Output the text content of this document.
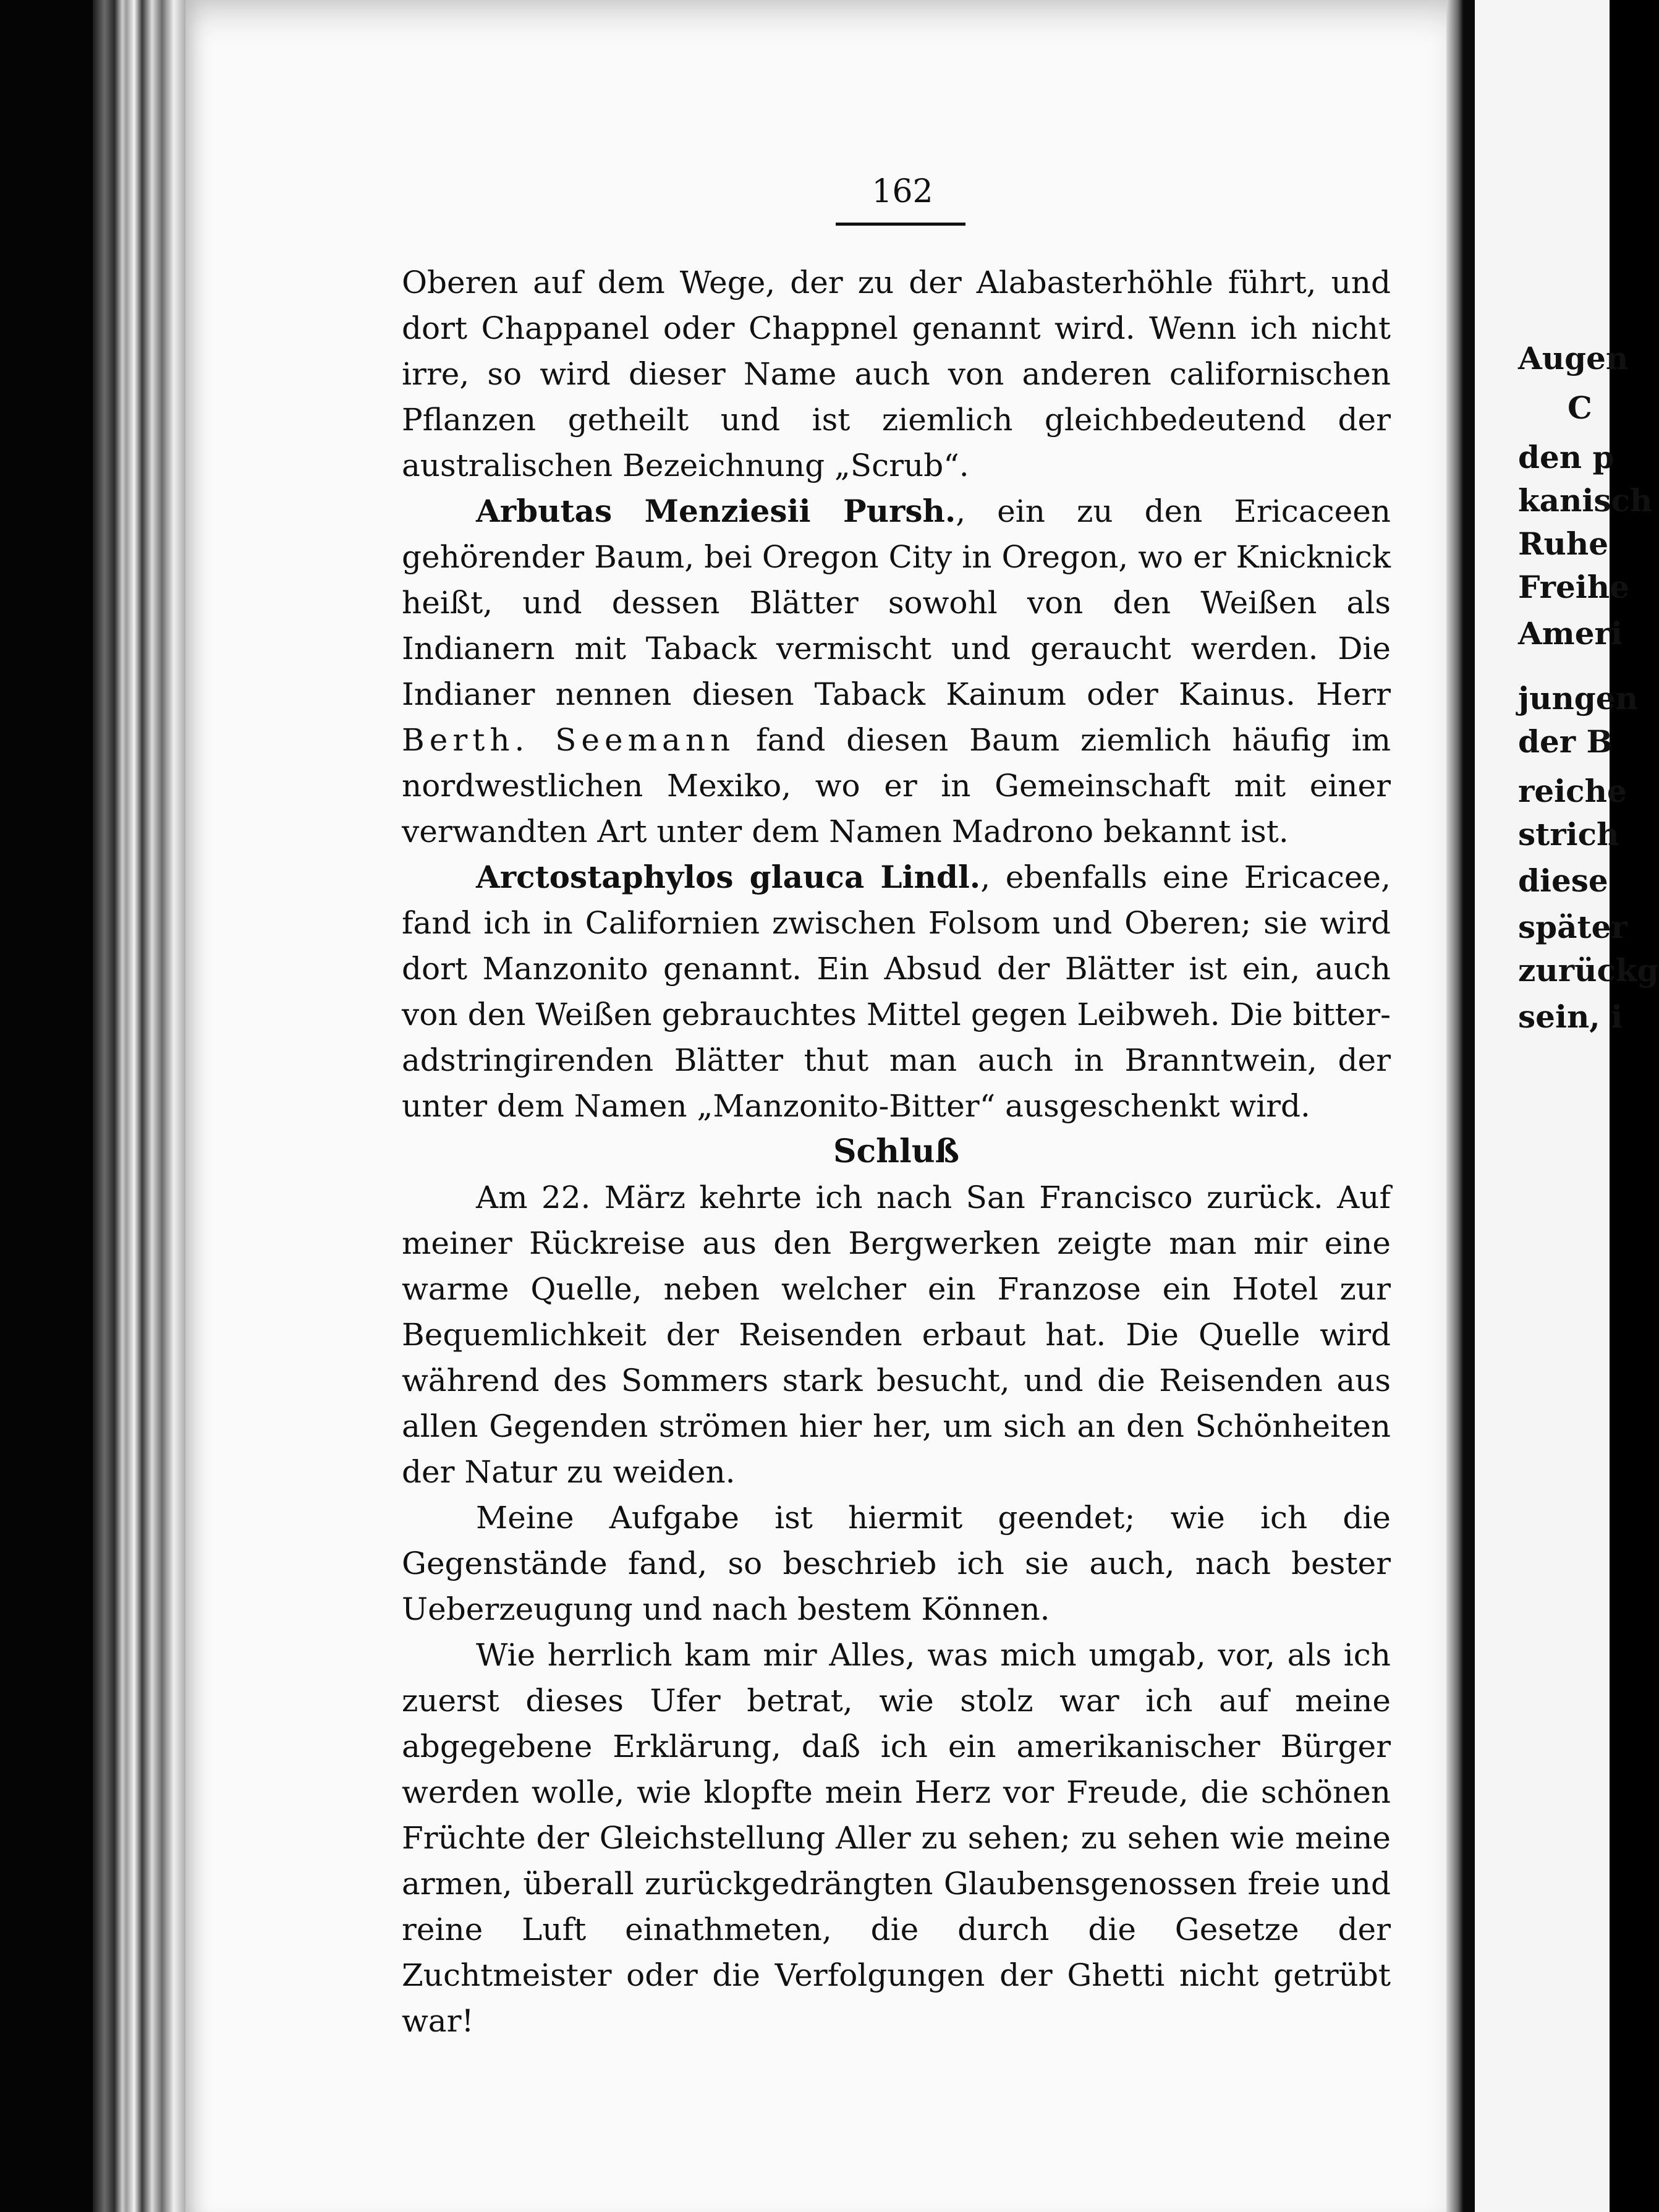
162

Oberen auf dem Wege, der zu der Alabasterhöhle führt, und dort Chappanel oder Chappnel genannt wird. Wenn ich nicht irre, so wird dieser Name auch von anderen californischen Pflanzen getheilt und ist ziemlich gleichbedeutend der australischen Bezeichnung „Scrub“.

Arbutas Menziesii Pursh., ein zu den Ericaceen gehörender Baum, bei Oregon City in Oregon, wo er Knicknick heißt, und dessen Blätter sowohl von den Weißen als Indianern mit Taback vermischt und geraucht werden. Die Indianer nennen diesen Taback Kainum oder Kainus. Herr Berth. Seemann fand diesen Baum ziemlich häufig im nordwestlichen Mexiko, wo er in Gemeinschaft mit einer verwandten Art unter dem Namen Madrono bekannt ist.

Arctostaphylos glauca Lindl., ebenfalls eine Ericacee, fand ich in Californien zwischen Folsom und Oberen; sie wird dort Manzonito genannt. Ein Absud der Blätter ist ein, auch von den Weißen gebrauchtes Mittel gegen Leibweh. Die bitter-adstringirenden Blätter thut man auch in Branntwein, der unter dem Namen „Manzonito-Bitter“ ausgeschenkt wird.

Schluß

Am 22. März kehrte ich nach San Francisco zurück. Auf meiner Rückreise aus den Bergwerken zeigte man mir eine warme Quelle, neben welcher ein Franzose ein Hotel zur Bequemlichkeit der Reisenden erbaut hat. Die Quelle wird während des Sommers stark besucht, und die Reisenden aus allen Gegenden strömen hier her, um sich an den Schönheiten der Natur zu weiden.

Meine Aufgabe ist hiermit geendet; wie ich die Gegenstände fand, so beschrieb ich sie auch, nach bester Ueberzeugung und nach bestem Können.

Wie herrlich kam mir Alles, was mich umgab, vor, als ich zuerst dieses Ufer betrat, wie stolz war ich auf meine abgegebene Erklärung, daß ich ein amerikanischer Bürger werden wolle, wie klopfte mein Herz vor Freude, die schönen Früchte der Gleichstellung Aller zu sehen; zu sehen wie meine armen, überall zurückgedrängten Glaubensgenossen freie und reine Luft einathmeten, die durch die Gesetze der Zuchtmeister oder die Verfolgungen der Ghetti nicht getrübt war!

Augen
C
den p
kanisch
Ruhe
Freihe
Ameri
jungen
der B
reiche
strich
diese
später
zurückg
sein, i
